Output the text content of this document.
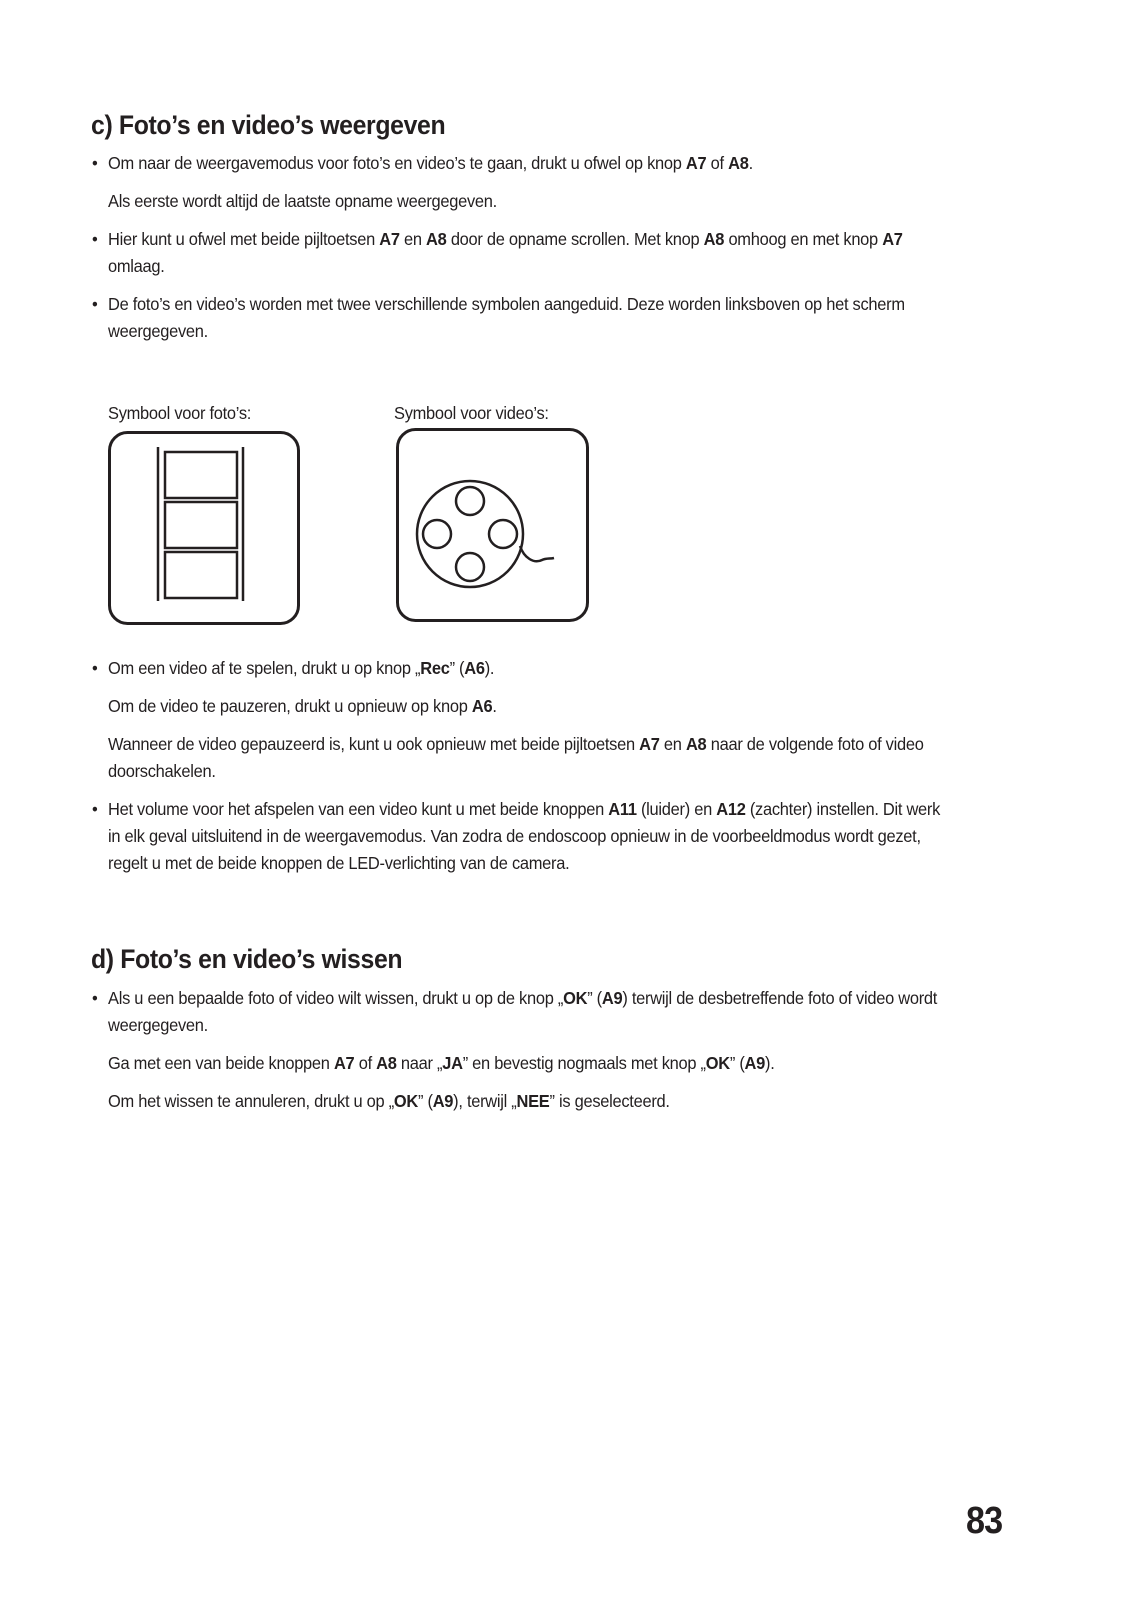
c) Foto’s en video’s weergeven

• Om naar de weergavemodus voor foto’s en video’s te gaan, drukt u ofwel op knop A7 of A8.

Als eerste wordt altijd de laatste opname weergegeven.

• Hier kunt u ofwel met beide pijltoetsen A7 en A8 door de opname scrollen. Met knop A8 omhoog en met knop A7 omlaag.

• De foto’s en video’s worden met twee verschillende symbolen aangeduid. Deze worden linksboven op het scherm weergegeven.

Symbool voor foto’s:	Symbool voor video’s:

• Om een video af te spelen, drukt u op knop „Rec” (A6).

Om de video te pauzeren, drukt u opnieuw op knop A6.

Wanneer de video gepauzeerd is, kunt u ook opnieuw met beide pijltoetsen A7 en A8 naar de volgende foto of video doorschakelen.

• Het volume voor het afspelen van een video kunt u met beide knoppen A11 (luider) en A12 (zachter) instellen. Dit werk in elk geval uitsluitend in de weergavemodus. Van zodra de endoscoop opnieuw in de voorbeeldmodus wordt gezet, regelt u met de beide knoppen de LED-verlichting van de camera.

d) Foto’s en video’s wissen

• Als u een bepaalde foto of video wilt wissen, drukt u op de knop „OK” (A9) terwijl de desbetreffende foto of video wordt weergegeven.

Ga met een van beide knoppen A7 of A8 naar „JA” en bevestig nogmaals met knop „OK” (A9).

Om het wissen te annuleren, drukt u op „OK” (A9), terwijl „NEE” is geselecteerd.

83
